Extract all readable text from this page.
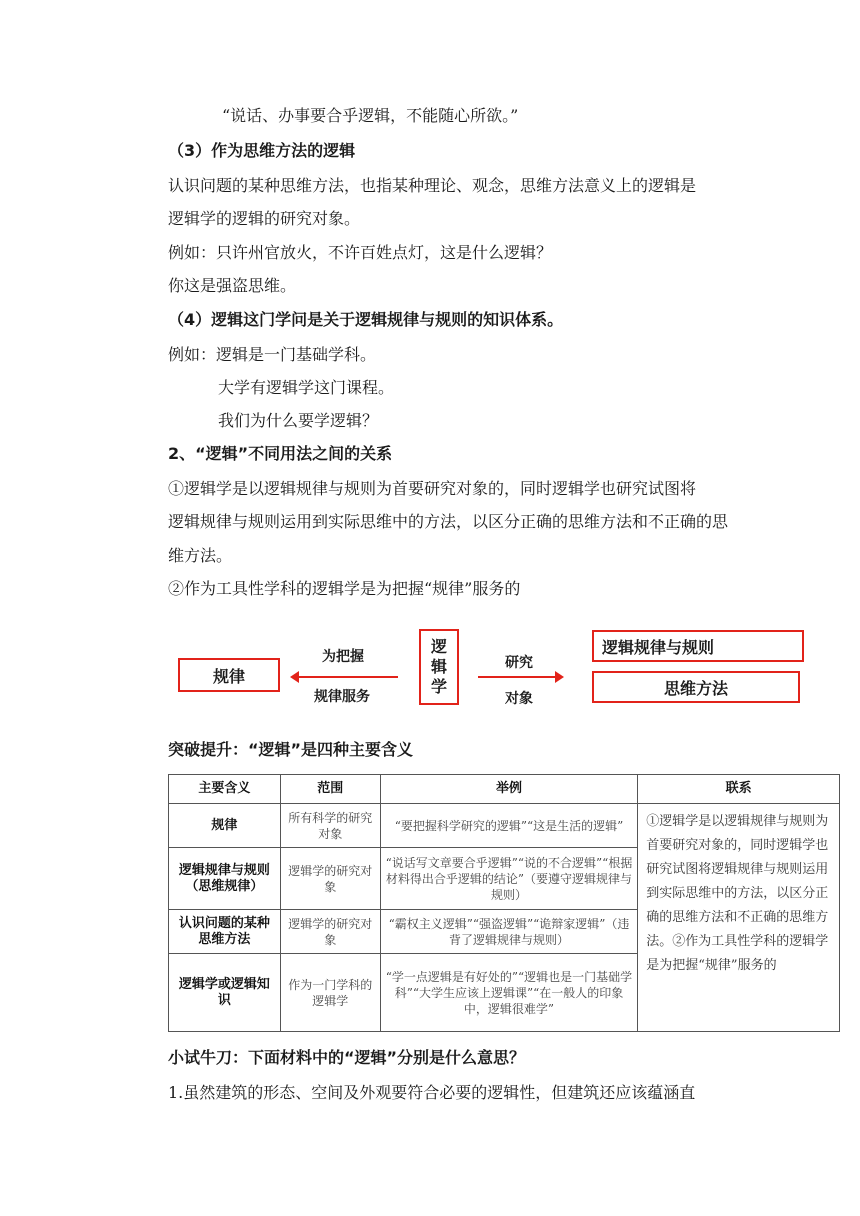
“说话、办事要合乎逻辑，不能随心所欲。”
（3）作为思维方法的逻辑
认识问题的某种思维方法，也指某种理论、观念，思维方法意义上的逻辑是
逻辑学的逻辑的研究对象。
例如：只许州官放火，不许百姓点灯，这是什么逻辑？
你这是强盗思维。
（4）逻辑这门学问是关于逻辑规律与规则的知识体系。
例如：逻辑是一门基础学科。
大学有逻辑学这门课程。
我们为什么要学逻辑？
2、“逻辑”不同用法之间的关系
①逻辑学是以逻辑规律与规则为首要研究对象的，同时逻辑学也研究试图将
逻辑规律与规则运用到实际思维中的方法，以区分正确的思维方法和不正确的思
维方法。
②作为工具性学科的逻辑学是为把握“规律”服务的
规律
为把握
规律服务
逻
辑
学
研究
对象
逻辑规律与规则
思维方法
突破提升：“逻辑”是四种主要含义
主要含义	范围	举例	联系
规律	所有科学的研究对象	“要把握科学研究的逻辑”“这是生活的逻辑”	①逻辑学是以逻辑规律与规则为首要研究对象的，同时逻辑学也研究试图将逻辑规律与规则运用到实际思维中的方法，以区分正确的思维方法和不正确的思维方法。②作为工具性学科的逻辑学是为把握“规律”服务的
逻辑规律与规则（思维规律）	逻辑学的研究对象	“说话写文章要合乎逻辑”“说的不合逻辑”“根据材料得出合乎逻辑的结论”（要遵守逻辑规律与规则）	
认识问题的某种思维方法	逻辑学的研究对象	“霸权主义逻辑”“强盗逻辑”“诡辩家逻辑”（违背了逻辑规律与规则）	
逻辑学或逻辑知识	作为一门学科的逻辑学	“学一点逻辑是有好处的”“逻辑也是一门基础学科”“大学生应该上逻辑课”“在一般人的印象中，逻辑很难学”	
小试牛刀：下面材料中的“逻辑”分别是什么意思？
1.虽然建筑的形态、空间及外观要符合必要的逻辑性，但建筑还应该蕴涵直
